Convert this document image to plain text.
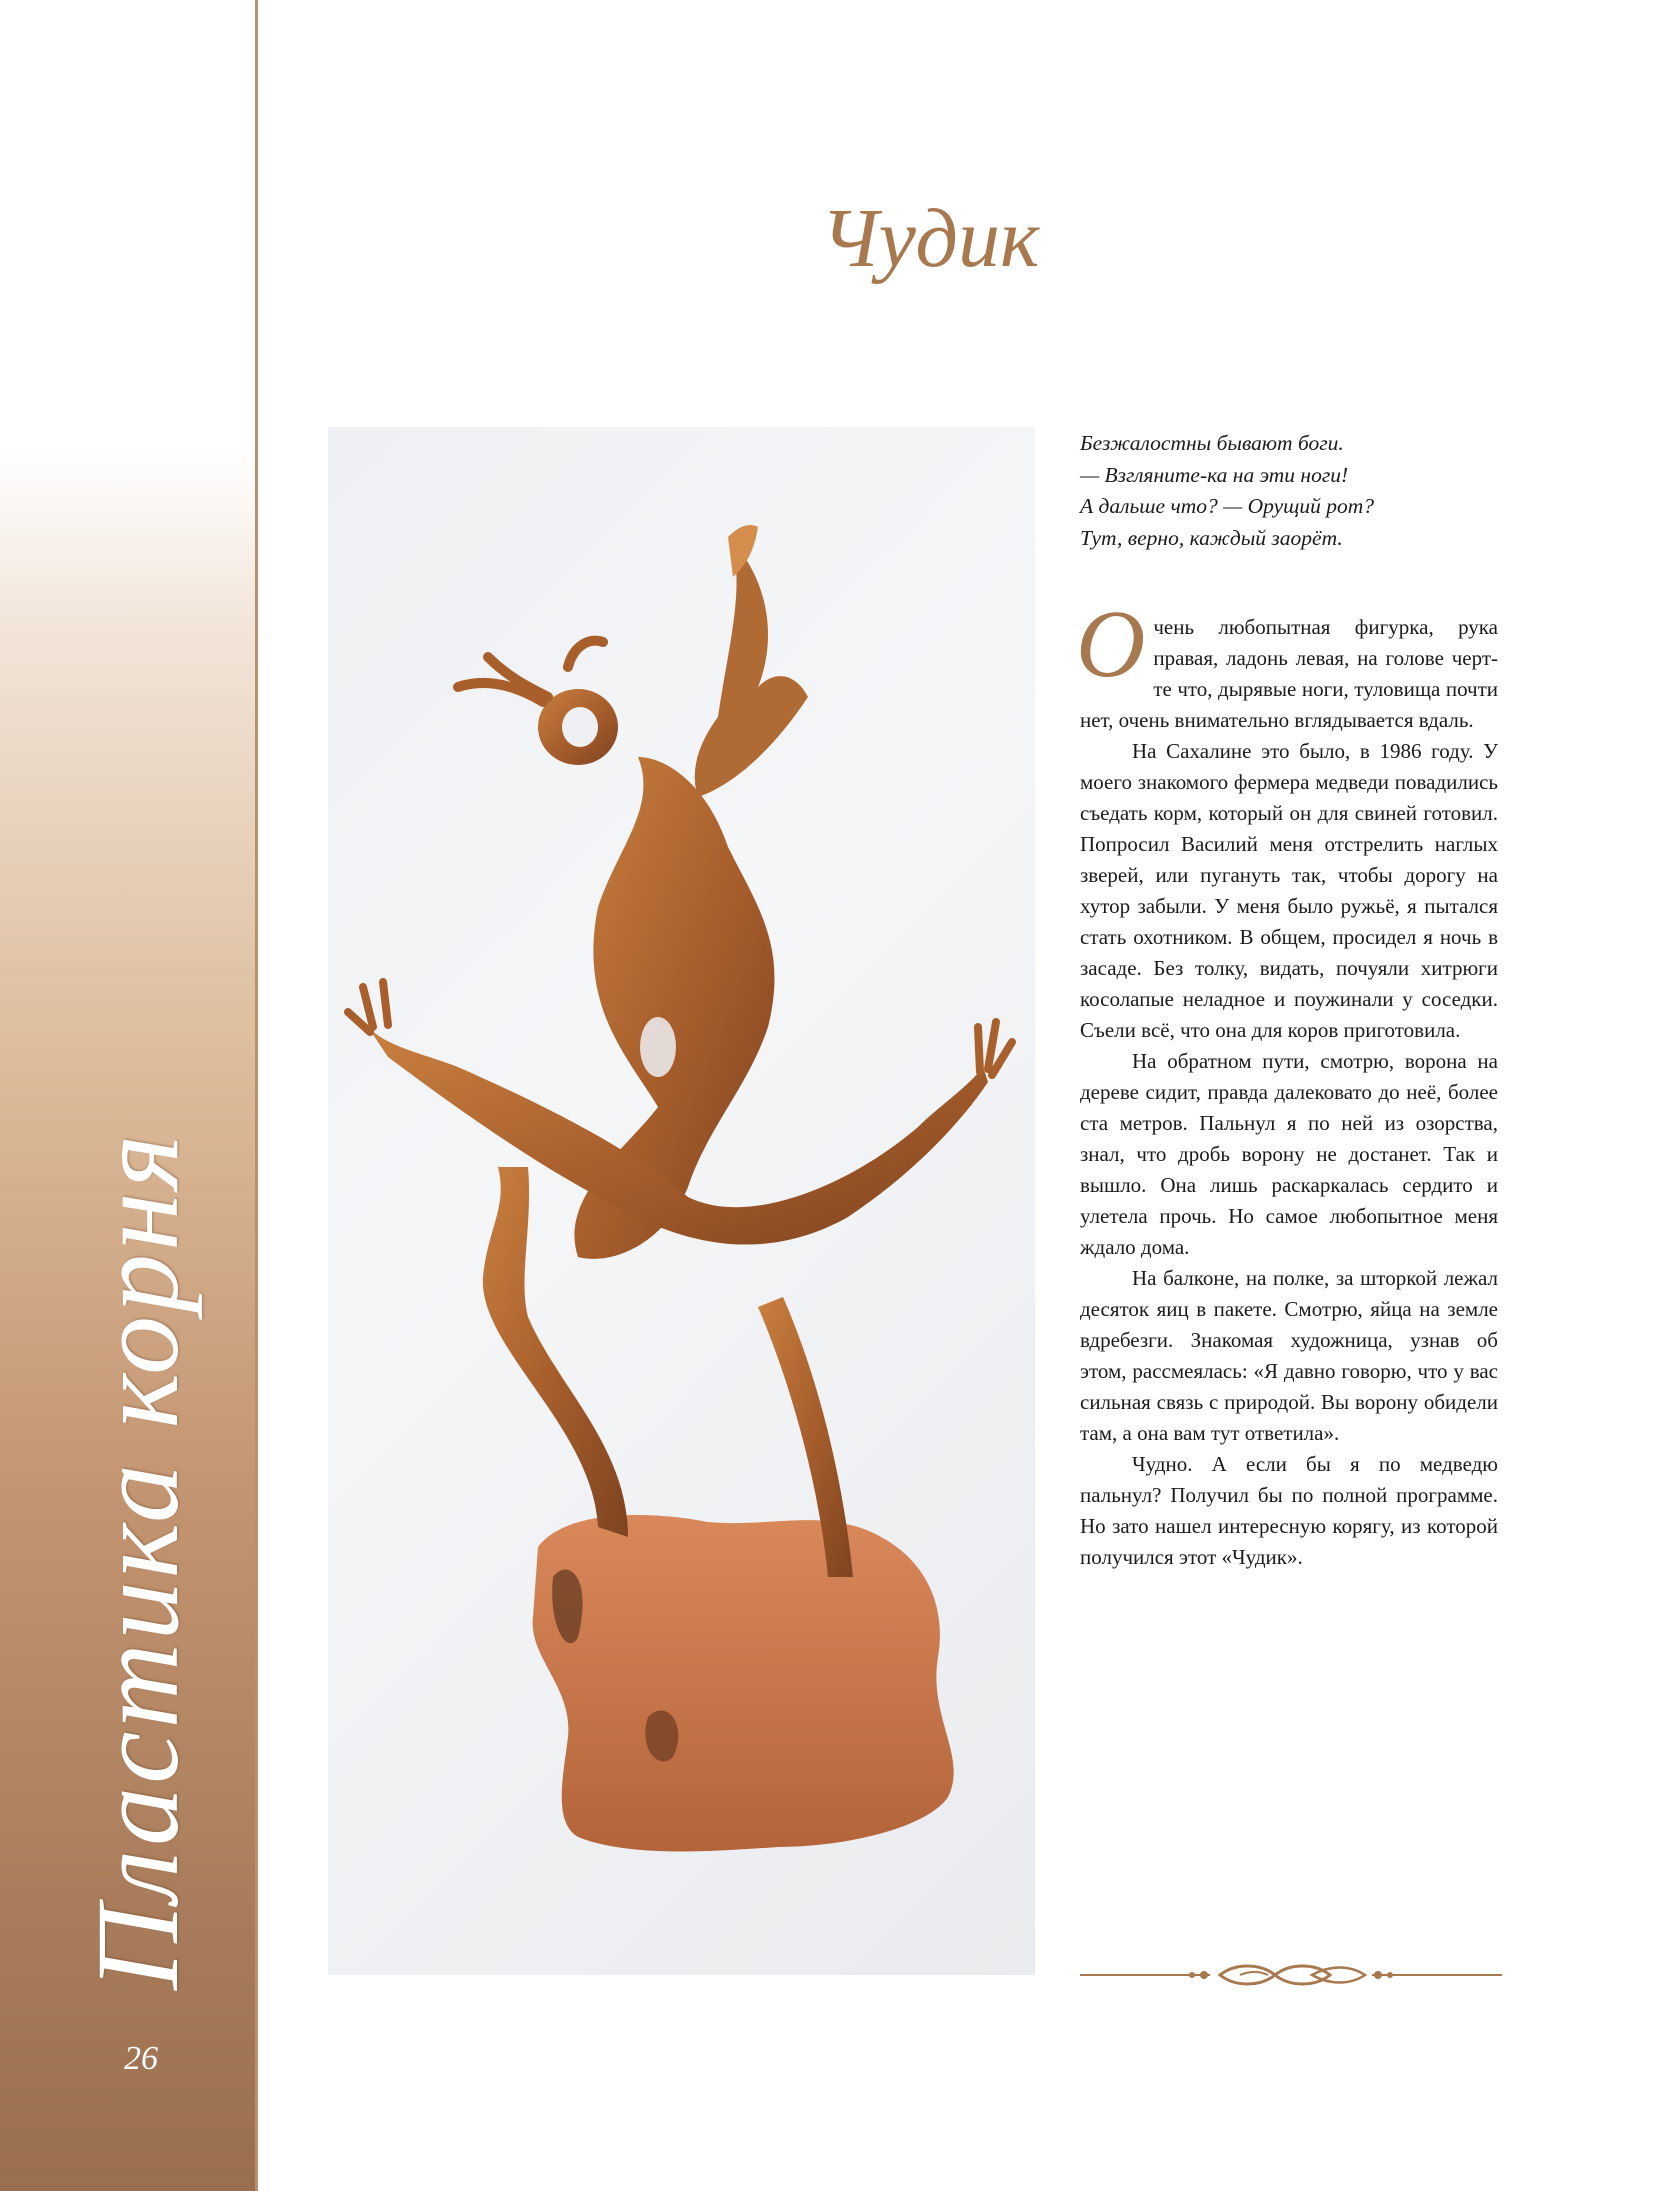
Пластика корня
26
Чудик
Безжалостны бывают боги.
— Взгляните-ка на эти ноги!
А дальше что? — Орущий рот?
Тут, верно, каждый заорёт.

Очень любопытная фигурка, рука правая, ладонь левая, на голове черт-те что, дырявые ноги, туловища почти нет, очень внимательно вглядывается вдаль.

На Сахалине это было, в 1986 году. У моего знакомого фермера медведи повадились съедать корм, который он для свиней готовил. Попросил Василий меня отстрелить наглых зверей, или пугануть так, чтобы дорогу на хутор забыли. У меня было ружьё, я пытался стать охотником. В общем, просидел я ночь в засаде. Без толку, видать, почуяли хитрюги косолапые неладное и поужинали у соседки. Съели всё, что она для коров приготовила.

На обратном пути, смотрю, ворона на дереве сидит, правда далековато до неё, более ста метров. Пальнул я по ней из озорства, знал, что дробь ворону не достанет. Так и вышло. Она лишь раскаркалась сердито и улетела прочь. Но самое любопытное меня ждало дома.

На балконе, на полке, за шторкой лежал десяток яиц в пакете. Смотрю, яйца на земле вдребезги. Знакомая художница, узнав об этом, рассмеялась: «Я давно говорю, что у вас сильная связь с природой. Вы ворону обидели там, а она вам тут ответила».

Чудно. А если бы я по медведю пальнул? Получил бы по полной программе. Но зато нашел интересную корягу, из которой получился этот «Чудик».
